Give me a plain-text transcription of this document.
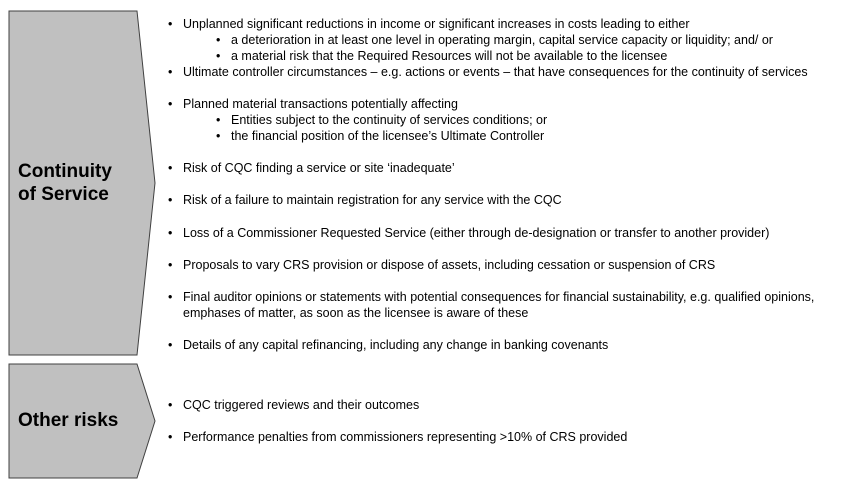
Continuity
of Service
Other risks
• Unplanned significant reductions in income or significant increases in costs leading to either
• a deterioration in at least one level in operating margin, capital service capacity or liquidity; and/ or
• a material risk that the Required Resources will not be available to the licensee
• Ultimate controller circumstances – e.g. actions or events – that have consequences for the continuity of services
• Planned material transactions potentially affecting
• Entities subject to the continuity of services conditions; or
• the financial position of the licensee’s Ultimate Controller
• Risk of CQC finding a service or site ‘inadequate’
• Risk of a failure to maintain registration for any service with the CQC
• Loss of a Commissioner Requested Service (either through de-designation or transfer to another provider)
• Proposals to vary CRS provision or dispose of assets, including cessation or suspension of CRS
• Final auditor opinions or statements with potential consequences for financial sustainability, e.g. qualified opinions,
emphases of matter, as soon as the licensee is aware of these
• Details of any capital refinancing, including any change in banking covenants
• CQC triggered reviews and their outcomes
• Performance penalties from commissioners representing >10% of CRS provided
